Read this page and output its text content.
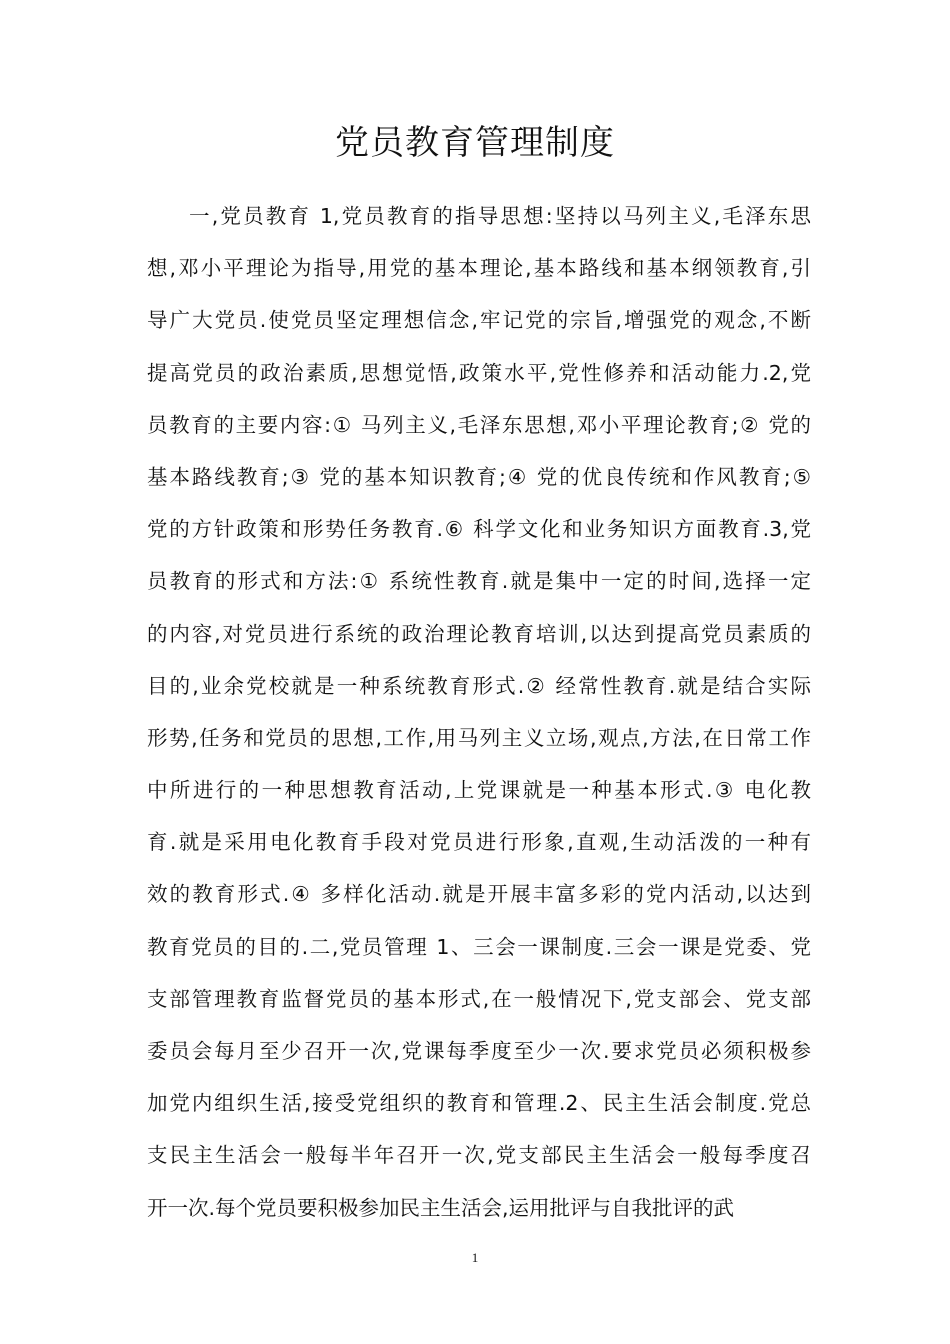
党员教育管理制度
一,党员教育 1,党员教育的指导思想:坚持以马列主义,毛泽东思
想,邓小平理论为指导,用党的基本理论,基本路线和基本纲领教育,引
导广大党员.使党员坚定理想信念,牢记党的宗旨,增强党的观念,不断
提高党员的政治素质,思想觉悟,政策水平,党性修养和活动能力.2,党
员教育的主要内容:① 马列主义,毛泽东思想,邓小平理论教育;② 党的
基本路线教育;③ 党的基本知识教育;④ 党的优良传统和作风教育;⑤
党的方针政策和形势任务教育.⑥ 科学文化和业务知识方面教育.3,党
员教育的形式和方法:① 系统性教育.就是集中一定的时间,选择一定
的内容,对党员进行系统的政治理论教育培训,以达到提高党员素质的
目的,业余党校就是一种系统教育形式.② 经常性教育.就是结合实际
形势,任务和党员的思想,工作,用马列主义立场,观点,方法,在日常工作
中所进行的一种思想教育活动,上党课就是一种基本形式.③ 电化教
育.就是采用电化教育手段对党员进行形象,直观,生动活泼的一种有
效的教育形式.④ 多样化活动.就是开展丰富多彩的党内活动,以达到
教育党员的目的.二,党员管理 1、三会一课制度.三会一课是党委、党
支部管理教育监督党员的基本形式,在一般情况下,党支部会、党支部
委员会每月至少召开一次,党课每季度至少一次.要求党员必须积极参
加党内组织生活,接受党组织的教育和管理.2、民主生活会制度.党总
支民主生活会一般每半年召开一次,党支部民主生活会一般每季度召
开一次.每个党员要积极参加民主生活会,运用批评与自我批评的武
1
